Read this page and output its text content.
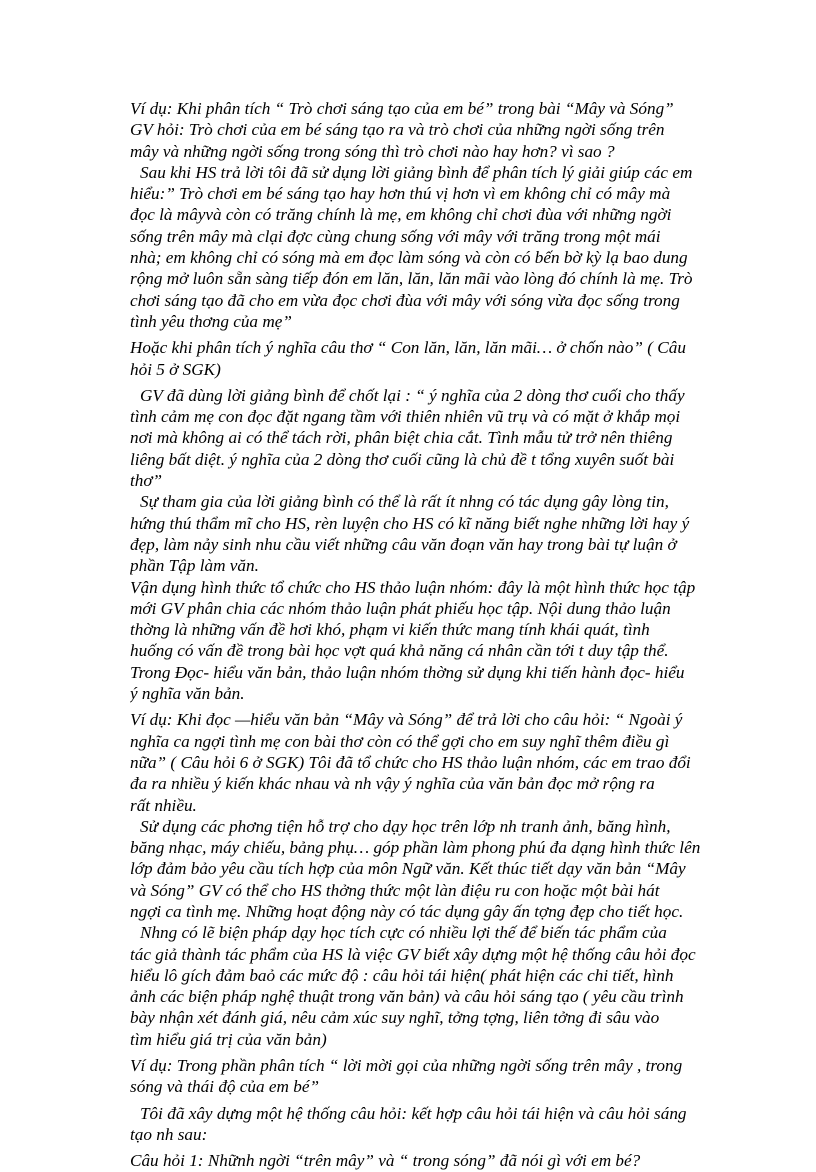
Ví dụ: Khi phân tích “ Trò chơi sáng tạo của em bé” trong bài “Mây và Sóng”
GV hỏi: Trò chơi của em bé sáng tạo ra và trò chơi của những ngời sống trên
mây và những ngời sống trong sóng thì trò chơi nào hay hơn? vì sao ?
Sau khi HS trả lời tôi đã sử dụng lời giảng bình để phân tích lý giải giúp các em
hiểu:” Trò chơi em bé sáng tạo hay hơn thú vị hơn vì em không chỉ có mây mà
đọc là mâyvà còn có trăng chính là mẹ, em không chỉ chơi đùa với những ngời
sống trên mây mà clại đợc cùng chung sống với mây với trăng trong một mái
nhà; em không chỉ có sóng mà em đọc làm sóng và còn có bến bờ kỳ lạ bao dung
rộng mở luôn sẵn sàng tiếp đón em lăn, lăn, lăn mãi vào lòng đó chính là mẹ. Trò
chơi sáng tạo đã cho em vừa đọc chơi đùa với mây với sóng vừa đọc sống trong
tình yêu thơng của mẹ”
Hoặc khi phân tích ý nghĩa câu thơ “ Con lăn, lăn, lăn mãi… ở chốn nào” ( Câu
hỏi 5 ở SGK)
GV đã dùng lời giảng bình để chốt lại : “ ý nghĩa của 2 dòng thơ cuối cho thấy
tình cảm mẹ con đọc đặt ngang tầm với thiên nhiên vũ trụ và có mặt ở khắp mọi
nơi mà không ai có thể tách rời, phân biệt chia cắt. Tình mẫu tử trở nên thiêng
liêng bất diệt. ý nghĩa của 2 dòng thơ cuối cũng là chủ đề t tổng xuyên suốt bài
thơ”
Sự tham gia của lời giảng bình có thể là rất ít nhng có tác dụng gây lòng tin,
hứng thú thẩm mĩ cho HS, rèn luyện cho HS có kĩ năng biết nghe những lời hay ý
đẹp, làm nảy sinh nhu cầu viết những câu văn đoạn văn hay trong bài tự luận ở
phần Tập làm văn.
Vận dụng hình thức tổ chức cho HS thảo luận nhóm: đây là một hình thức học tập
mới GV phân chia các nhóm thảo luận phát phiếu học tập. Nội dung thảo luận
thờng là những vấn đề hơi khó, phạm vi kiến thức mang tính khái quát, tình
huống có vấn đề trong bài học vợt quá khả năng cá nhân cần tới t duy tập thể.
Trong Đọc- hiểu văn bản, thảo luận nhóm thờng sử dụng khi tiến hành đọc- hiểu
ý nghĩa văn bản.
Ví dụ: Khi đọc —hiểu văn bản “Mây và Sóng” để trả lời cho câu hỏi: “ Ngoài ý
nghĩa ca ngợi tình mẹ con bài thơ còn có thể gợi cho em suy nghĩ thêm điều gì
nữa” ( Câu hỏi 6 ở SGK) Tôi đã tổ chức cho HS thảo luận nhóm, các em trao đổi
đa ra nhiều ý kiến khác nhau và nh vậy ý nghĩa của văn bản đọc mở rộng ra
rất nhiều.
Sử dụng các phơng tiện hỗ trợ cho dạy học trên lớp nh tranh ảnh, băng hình,
băng nhạc, máy chiếu, bảng phụ… góp phần làm phong phú đa dạng hình thức lên
lớp đảm bảo yêu cầu tích hợp của môn Ngữ văn. Kết thúc tiết dạy văn bản “Mây
và Sóng” GV có thể cho HS thởng thức một làn điệu ru con hoặc một bài hát
ngợi ca tình mẹ. Những hoạt động này có tác dụng gây ấn tợng đẹp cho tiết học.
Nhng có lẽ biện pháp dạy học tích cực có nhiều lợi thế để biến tác phẩm của
tác giả thành tác phẩm của HS là việc GV biết xây dựng một hệ thống câu hỏi đọc
hiểu lô gích đảm baỏ các mức độ : câu hỏi tái hiện( phát hiện các chi tiết, hình
ảnh các biện pháp nghệ thuật trong văn bản) và câu hỏi sáng tạo ( yêu cầu trình
bày nhận xét đánh giá, nêu cảm xúc suy nghĩ, tởng tợng, liên tởng đi sâu vào
tìm hiểu giá trị của văn bản)
Ví dụ: Trong phần phân tích “ lời mời gọi của những ngời sống trên mây , trong
sóng và thái độ của em bé”
Tôi đã xây dựng một hệ thống câu hỏi: kết hợp câu hỏi tái hiện và câu hỏi sáng
tạo nh sau:
Câu hỏi 1: Nhữnh ngời “trên mây” và “ trong sóng” đã nói gì với em bé?
